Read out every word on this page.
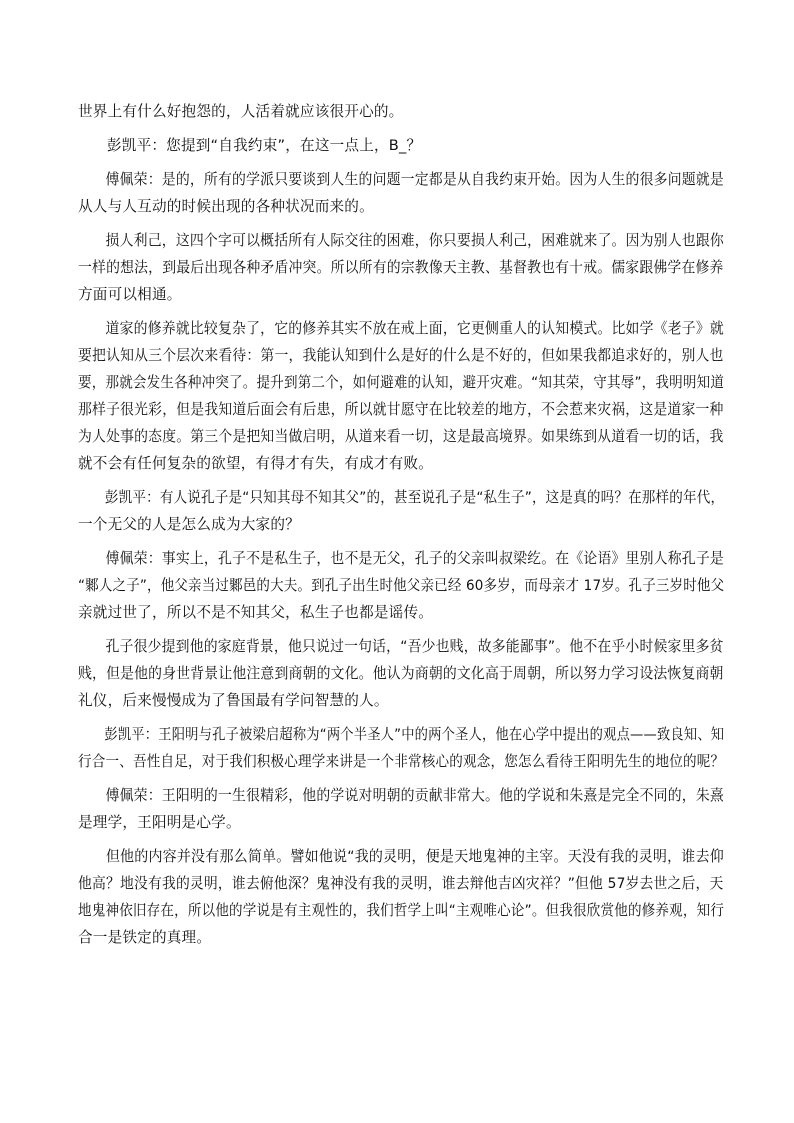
世界上有什么好抱怨的，人活着就应该很开心的。
彭凯平：您提到“自我约束”，在这一点上，B_？
傅佩荣：是的，所有的学派只要谈到人生的问题一定都是从自我约束开始。因为人生的很多问题就是
从人与人互动的时候出现的各种状况而来的。
损人利己，这四个字可以概括所有人际交往的困难，你只要损人利己，困难就来了。因为别人也跟你
一样的想法，到最后出现各种矛盾冲突。所以所有的宗教像天主教、基督教也有十戒。儒家跟佛学在修养
方面可以相通。
道家的修养就比较复杂了，它的修养其实不放在戒上面，它更侧重人的认知模式。比如学《老子》就
要把认知从三个层次来看待：第一，我能认知到什么是好的什么是不好的，但如果我都追求好的，别人也
要，那就会发生各种冲突了。提升到第二个，如何避难的认知，避开灾难。“知其荣，守其辱”，我明明知道
那样子很光彩，但是我知道后面会有后患，所以就甘愿守在比较差的地方，不会惹来灾祸，这是道家一种
为人处事的态度。第三个是把知当做启明，从道来看一切，这是最高境界。如果练到从道看一切的话，我
就不会有任何复杂的欲望，有得才有失，有成才有败。
彭凯平：有人说孔子是“只知其母不知其父”的，甚至说孔子是“私生子”，这是真的吗？在那样的年代，
一个无父的人是怎么成为大家的？
傅佩荣：事实上，孔子不是私生子，也不是无父，孔子的父亲叫叔梁纥。在《论语》里别人称孔子是
“鄹人之子”，他父亲当过鄹邑的大夫。到孔子出生时他父亲已经 60多岁，而母亲才 17岁。孔子三岁时他父
亲就过世了，所以不是不知其父，私生子也都是谣传。
孔子很少提到他的家庭背景，他只说过一句话，“吾少也贱，故多能鄙事”。他不在乎小时候家里多贫
贱，但是他的身世背景让他注意到商朝的文化。他认为商朝的文化高于周朝，所以努力学习设法恢复商朝
礼仪，后来慢慢成为了鲁国最有学问智慧的人。
彭凯平：王阳明与孔子被梁启超称为“两个半圣人”中的两个圣人，他在心学中提出的观点——致良知、知
行合一、吾性自足，对于我们积极心理学来讲是一个非常核心的观念，您怎么看待王阳明先生的地位的呢？
傅佩荣：王阳明的一生很精彩，他的学说对明朝的贡献非常大。他的学说和朱熹是完全不同的，朱熹
是理学，王阳明是心学。
但他的内容并没有那么简单。譬如他说“我的灵明，便是天地鬼神的主宰。天没有我的灵明，谁去仰
他高？地没有我的灵明，谁去俯他深？鬼神没有我的灵明，谁去辩他吉凶灾祥？”但他 57岁去世之后，天
地鬼神依旧存在，所以他的学说是有主观性的，我们哲学上叫“主观唯心论”。但我很欣赏他的修养观，知行
合一是铁定的真理。
